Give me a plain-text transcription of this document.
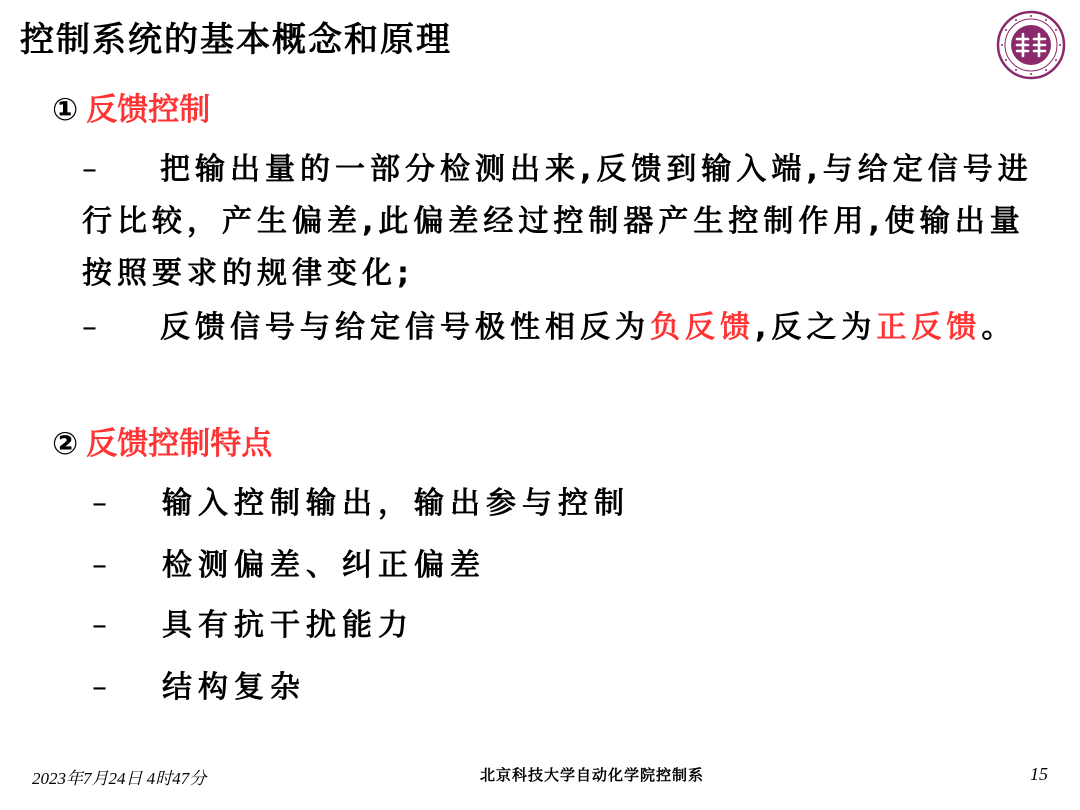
控制系统的基本概念和原理
① 反馈控制
– 把输出量的一部分检测出来,反馈到输入端,与给定信号进行比较，产生偏差,此偏差经过控制器产生控制作用,使输出量按照要求的规律变化;
– 反馈信号与给定信号极性相反为负反馈,反之为正反馈。
② 反馈控制特点
– 输入控制输出，输出参与控制
– 检测偏差、纠正偏差
– 具有抗干扰能力
– 结构复杂
2023年7月24日 4时47分	北京科技大学自动化学院控制系	15
